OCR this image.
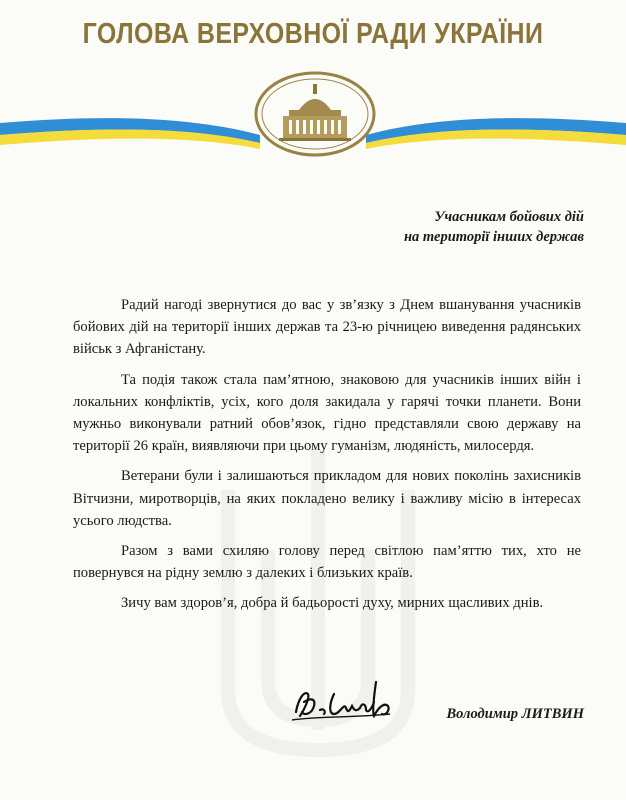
ГОЛОВА ВЕРХОВНОЇ РАДИ УКРАЇНИ
Учасникам бойових дій
на території інших держав

Радий нагоді звернутися до вас у зв’язку з Днем вшанування учасників бойових дій на території інших держав та 23-ю річницею виведення радянських військ з Афганістану.

Та подія також стала пам’ятною, знаковою для учасників інших війн і локальних конфліктів, усіх, кого доля закидала у гарячі точки планети. Вони мужньо виконували ратний обов’язок, гідно представляли свою державу на території 26 країн, виявляючи при цьому гуманізм, людяність, милосердя.

Ветерани були і залишаються прикладом для нових поколінь захисників Вітчизни, миротворців, на яких покладено велику і важливу місію в інтересах усього людства.

Разом з вами схиляю голову перед світлою пам’яттю тих, хто не повернувся на рідну землю з далеких і близьких країв.

Зичу вам здоров’я, добра й бадьорості духу, мирних щасливих днів.

Володимир ЛИТВИН
